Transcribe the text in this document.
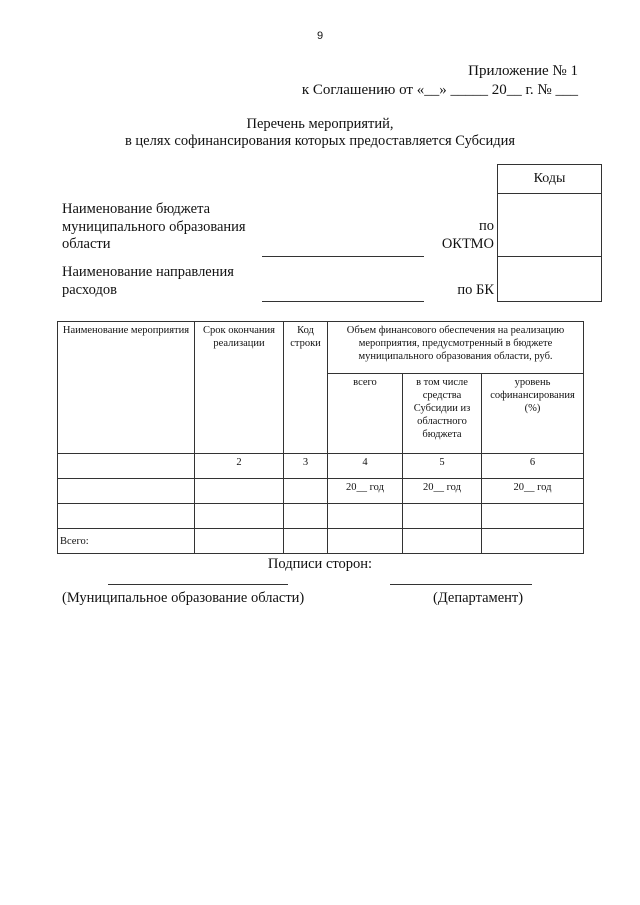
9
Приложение № 1
к Соглашению от «__» _____ 20__ г. № ___
Перечень мероприятий,
в целях софинансирования которых предоставляется Субсидия
Коды

Наименование бюджета
муниципального образования
области
по
ОКТМО
Наименование направления
расходов	по БК
Наименование мероприятия	Срок окончания реализации	Код строки	Объем финансового обеспечения на реализацию мероприятия, предусмотренный в бюджете муниципального образования области, руб.		
			всего	в том числе средства Субсидии из областного бюджета	уровень софинансирования (%)
	2	3	4	5	6
			20__ год	20__ год	20__ год

Всего:					
Подписи сторон:
(Муниципальное образование области)	(Департамент)
